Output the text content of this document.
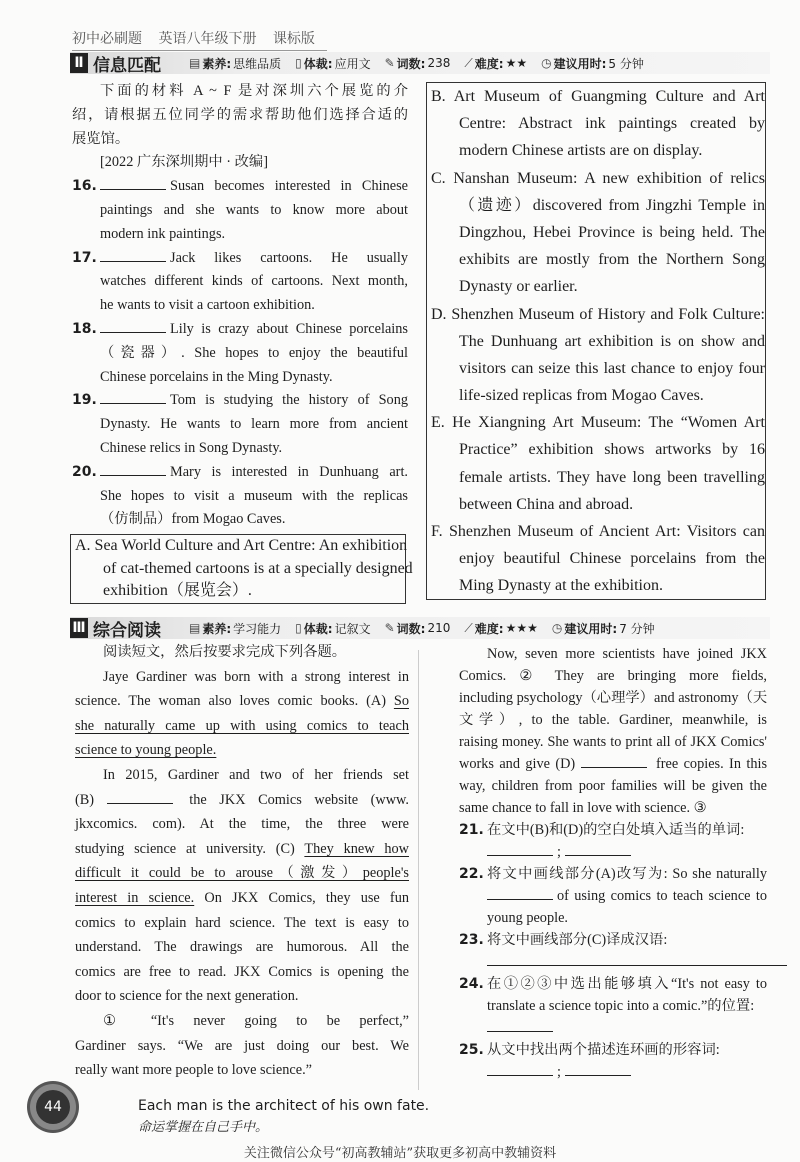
初中必刷题 英语八年级下册 课标版
Ⅱ 信息匹配 ▤ 素养: 思维品质 ▯ 体裁: 应用文 ✎ 词数: 238 ⟋ 难度: ★★ ◷ 建议用时: 5 分钟
下面的材料 A ~ F 是对深圳六个展览的介
绍，请根据五位同学的需求帮助他们选择合适的
展览馆。
[2022 广东深圳期中 · 改编]
16.	Susan becomes interested in Chinese
paintings and she wants to know more about
modern ink paintings.
17.	Jack likes cartoons. He usually
watches different kinds of cartoons. Next month,
he wants to visit a cartoon exhibition.
18.	Lily is crazy about Chinese porcelains
（瓷器）. She hopes to enjoy the beautiful
Chinese porcelains in the Ming Dynasty.
19.	Tom is studying the history of Song
Dynasty. He wants to learn more from ancient
Chinese relics in Song Dynasty.
20.	Mary is interested in Dunhuang art.
She hopes to visit a museum with the replicas
（仿制品）from Mogao Caves.
A. Sea World Culture and Art Centre: An exhibition
of cat-themed cartoons is at a specially designed
exhibition（展览会）.
B. Art Museum of Guangming Culture and Art
Centre: Abstract ink paintings created by
modern Chinese artists are on display.
C. Nanshan Museum: A new exhibition of relics
（遗迹）discovered from Jingzhi Temple in
Dingzhou, Hebei Province is being held. The
exhibits are mostly from the Northern Song
Dynasty or earlier.
D. Shenzhen Museum of History and Folk Culture:
The Dunhuang art exhibition is on show and
visitors can seize this last chance to enjoy four
life-sized replicas from Mogao Caves.
E. He Xiangning Art Museum: The “Women Art
Practice” exhibition shows artworks by 16
female artists. They have long been travelling
between China and abroad.
F. Shenzhen Museum of Ancient Art: Visitors can
enjoy beautiful Chinese porcelains from the
Ming Dynasty at the exhibition.
Ⅲ 综合阅读 ▤ 素养: 学习能力 ▯ 体裁: 记叙文 ✎ 词数: 210 ⟋ 难度: ★★★ ◷ 建议用时: 7 分钟
阅读短文，然后按要求完成下列各题。
Jaye Gardiner was born with a strong interest in
science. The woman also loves comic books. (A) So
she naturally came up with using comics to teach
science to young people.
In 2015, Gardiner and two of her friends set
(B)	the JKX Comics website (www.
jkxcomics. com). At the time, the three were
studying science at university. (C) They knew how
difficult it could be to arouse（激发）people's
interest in science. On JKX Comics, they use fun
comics to explain hard science. The text is easy to
understand. The drawings are humorous. All the
comics are free to read. JKX Comics is opening the
door to science for the next generation.
① “It's never going to be perfect,”
Gardiner says. “We are just doing our best. We
really want more people to love science.”
Now, seven more scientists have joined JKX
Comics. ② They are bringing more fields,
including psychology（心理学）and astronomy（天
文学）, to the table. Gardiner, meanwhile, is
raising money. She wants to print all of JKX Comics'
works and give (D)	free copies. In this
way, children from poor families will be given the
same chance to fall in love with science. ③
21. 在文中(B)和(D)的空白处填入适当的单词:
;
22. 将文中画线部分(A)改写为: So she naturally
of using comics to teach science to
young people.
23. 将文中画线部分(C)译成汉语:
24. 在①②③中选出能够填入“It's not easy to
translate a science topic into a comic.”的位置:
25. 从文中找出两个描述连环画的形容词:
;
44	Each man is the architect of his own fate.
命运掌握在自己手中。
关注微信公众号“初高教辅站”获取更多初高中教辅资料
